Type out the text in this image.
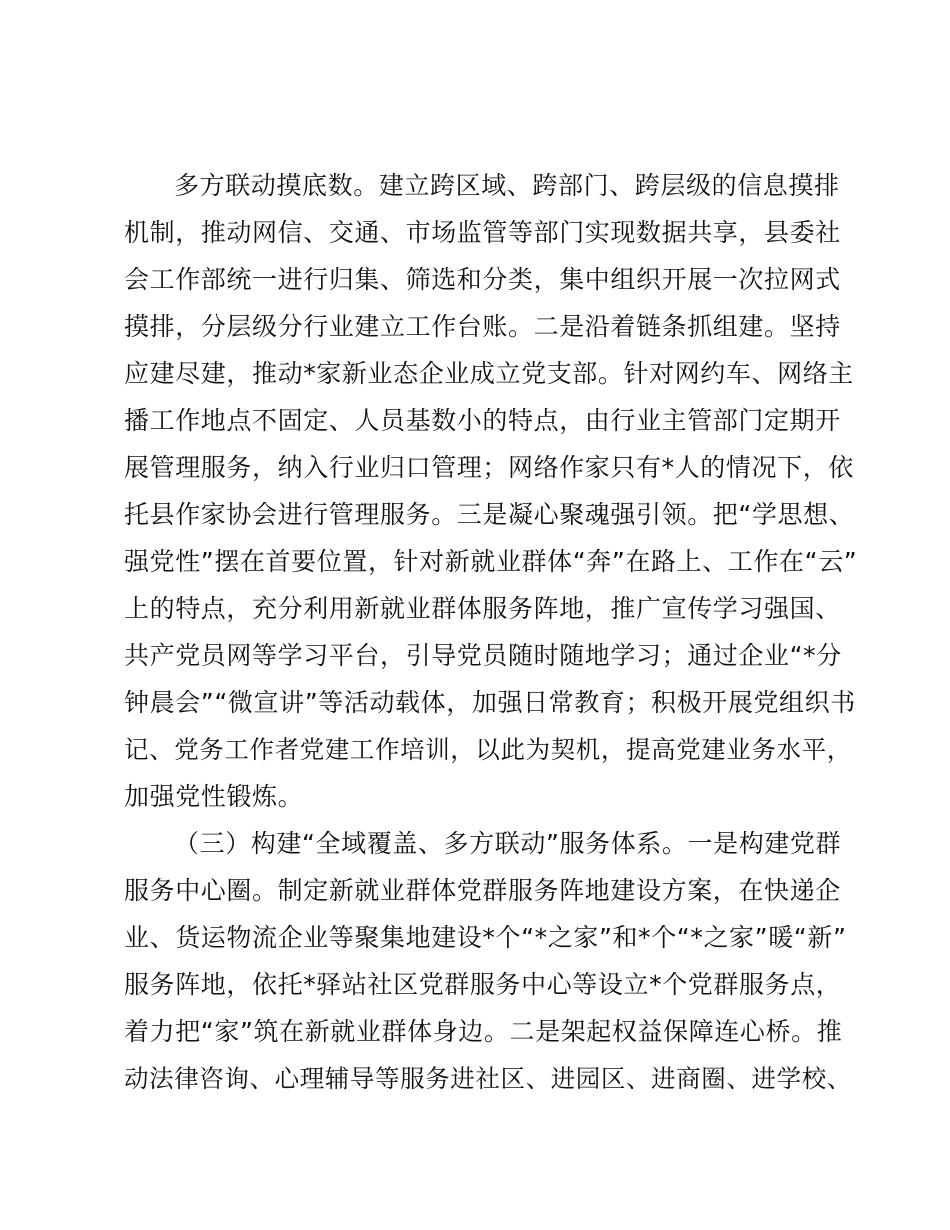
多方联动摸底数。建立跨区域、跨部门、跨层级的信息摸排
机制，推动网信、交通、市场监管等部门实现数据共享，县委社
会工作部统一进行归集、筛选和分类，集中组织开展一次拉网式
摸排，分层级分行业建立工作台账。二是沿着链条抓组建。坚持
应建尽建，推动*家新业态企业成立党支部。针对网约车、网络主
播工作地点不固定、人员基数小的特点，由行业主管部门定期开
展管理服务，纳入行业归口管理；网络作家只有*人的情况下，依
托县作家协会进行管理服务。三是凝心聚魂强引领。把“学思想、
强党性”摆在首要位置，针对新就业群体“奔”在路上、工作在“云”
上的特点，充分利用新就业群体服务阵地，推广宣传学习强国、
共产党员网等学习平台，引导党员随时随地学习；通过企业“*分
钟晨会”“微宣讲”等活动载体，加强日常教育；积极开展党组织书
记、党务工作者党建工作培训，以此为契机，提高党建业务水平，
加强党性锻炼。
（三）构建“全域覆盖、多方联动”服务体系。一是构建党群
服务中心圈。制定新就业群体党群服务阵地建设方案，在快递企
业、货运物流企业等聚集地建设*个“*之家”和*个“*之家”暖“新”
服务阵地，依托*驿站社区党群服务中心等设立*个党群服务点，
着力把“家”筑在新就业群体身边。二是架起权益保障连心桥。推
动法律咨询、心理辅导等服务进社区、进园区、进商圈、进学校、
